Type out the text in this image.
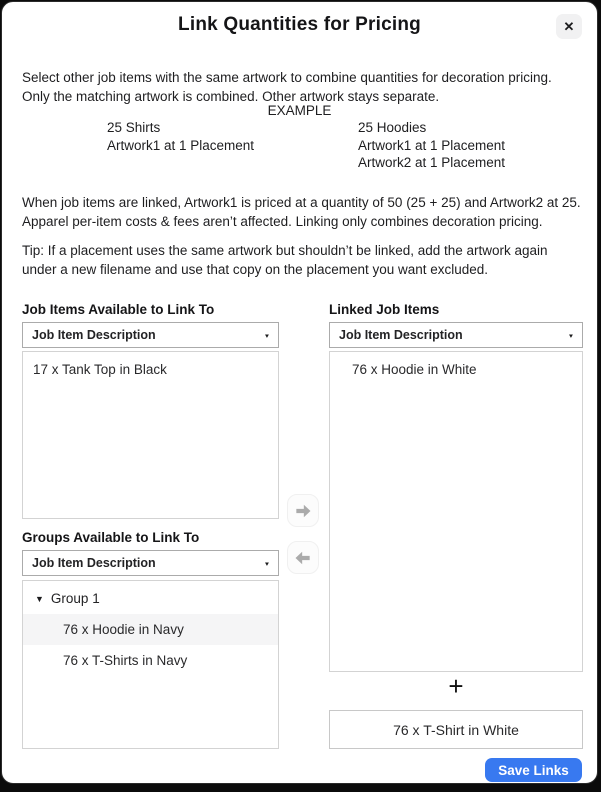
Link Quantities for Pricing	✕

Select other job items with the same artwork to combine quantities for decoration pricing. Only the matching artwork is combined. Other artwork stays separate.

EXAMPLE
25 Shirts
Artwork1 at 1 Placement
25 Hoodies
Artwork1 at 1 Placement
Artwork2 at 1 Placement

When job items are linked, Artwork1 is priced at a quantity of 50 (25 + 25) and Artwork2 at 25. Apparel per-item costs & fees aren’t affected. Linking only combines decoration pricing.

Tip: If a placement uses the same artwork but shouldn’t be linked, add the artwork again under a new filename and use that copy on the placement you want excluded.

Job Items Available to Link To
Job Item Description	▾
17 x Tank Top in Black
Groups Available to Link To
Job Item Description	▾
▼ Group 1
76 x Hoodie in Navy
76 x T-Shirts in Navy
Linked Job Items
Job Item Description	▾
76 x Hoodie in White
+
76 x T-Shirt in White
Save Links
